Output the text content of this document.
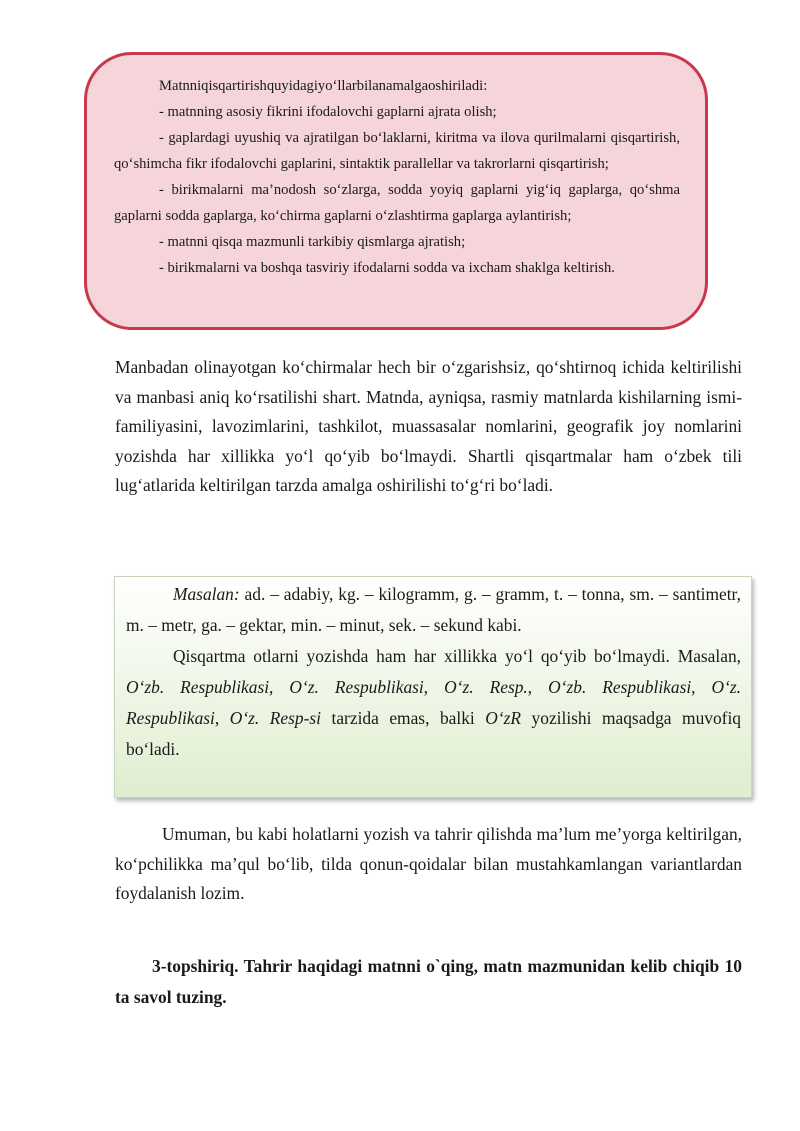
Matnniqisqartirishquyidagiyo‘llarbilanamalgaoshiriladi:

- matnning asosiy fikrini ifodalovchi gaplarni ajrata olish;

- gaplardagi uyushiq va ajratilgan bo‘laklarni, kiritma va ilova qurilmalarni qisqartirish, qo‘shimcha fikr ifodalovchi gaplarini, sintaktik parallellar va takrorlarni qisqartirish;

- birikmalarni ma’nodosh so‘zlarga, sodda yoyiq gaplarni yig‘iq gaplarga, qo‘shma gaplarni sodda gaplarga, ko‘chirma gaplarni o‘zlashtirma gaplarga aylantirish;

- matnni qisqa mazmunli tarkibiy qismlarga ajratish;

- birikmalarni va boshqa tasviriy ifodalarni sodda va ixcham shaklga keltirish.

Manbadan olinayotgan ko‘chirmalar hech bir o‘zgarishsiz, qo‘shtirnoq ichida keltirilishi va manbasi aniq ko‘rsatilishi shart. Matnda, ayniqsa, rasmiy matnlarda kishilarning ismi-familiyasini, lavozimlarini, tashkilot, muassasalar nomlarini, geografik joy nomlarini yozishda har xillikka yo‘l qo‘yib bo‘lmaydi. Shartli qisqartmalar ham o‘zbek tili lug‘atlarida keltirilgan tarzda amalga oshirilishi to‘g‘ri bo‘ladi.

Masalan: ad. – adabiy, kg. – kilogramm, g. – gramm, t. – tonna, sm. – santimetr, m. – metr, ga. – gektar, min. – minut, sek. – sekund kabi.

Qisqartma otlarni yozishda ham har xillikka yo‘l qo‘yib bo‘lmaydi. Masalan, O‘zb. Respublikasi, O‘z. Respublikasi, O‘z. Resp., O‘zb. Respublikasi, O‘z. Respublikasi, O‘z. Resp-si tarzida emas, balki O‘zR yozilishi maqsadga muvofiq bo‘ladi.

Umuman, bu kabi holatlarni yozish va tahrir qilishda ma’lum me’yorga keltirilgan, ko‘pchilikka ma’qul bo‘lib, tilda qonun-qoidalar bilan mustahkamlangan variantlardan foydalanish lozim.

3-topshiriq. Tahrir haqidagi matnni o`qing, matn mazmunidan kelib chiqib 10 ta savol tuzing.
